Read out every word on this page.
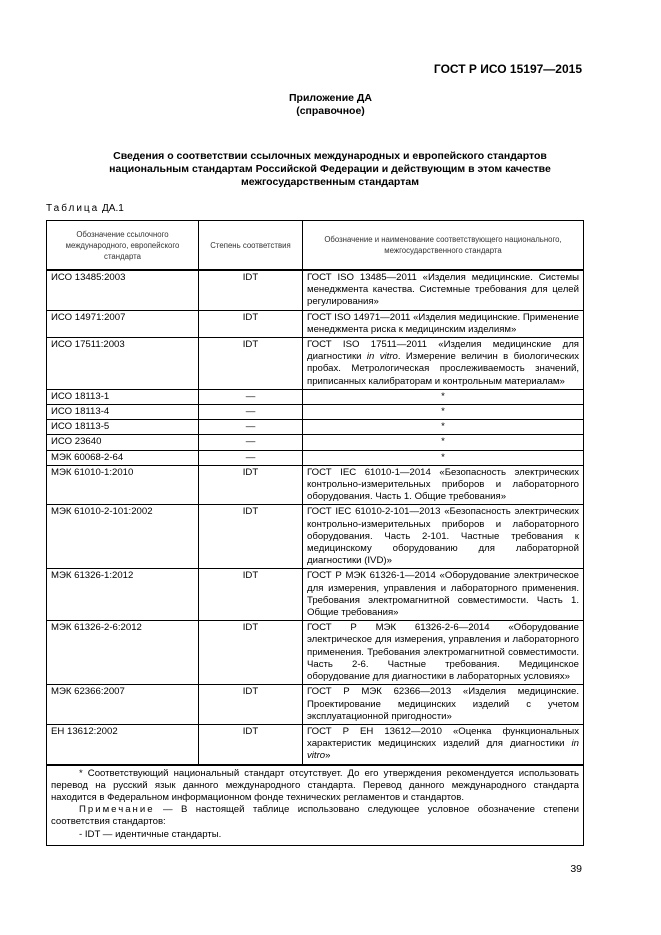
ГОСТ Р ИСО 15197—2015
Приложение ДА
(справочное)
Сведения о соответствии ссылочных международных и европейского стандартов национальным стандартам Российской Федерации и действующим в этом качестве межгосударственным стандартам
Таблица ДА.1
Обозначение ссылочного международного, европейского стандарта	Степень соответствия	Обозначение и наименование соответствующего национального, межгосударственного стандарта
ИСО 13485:2003	IDT	ГОСТ ISO 13485—2011 «Изделия медицинские. Системы менеджмента качества. Системные требования для целей регулирования»
ИСО 14971:2007	IDT	ГОСТ ISO 14971—2011 «Изделия медицинские. Применение менеджмента риска к медицинским изделиям»
ИСО 17511:2003	IDT	ГОСТ ISO 17511—2011 «Изделия медицинские для диагностики in vitro. Измерение величин в биологических пробах. Метрологическая прослеживаемость значений, приписанных калибраторам и контрольным материалам»
ИСО 18113-1	—	*
ИСО 18113-4	—	*
ИСО 18113-5	—	*
ИСО 23640	—	*
МЭК 60068-2-64	—	*
МЭК 61010-1:2010	IDT	ГОСТ IEC 61010-1—2014 «Безопасность электрических контрольно-измерительных приборов и лабораторного оборудования. Часть 1. Общие требования»
МЭК 61010-2-101:2002	IDT	ГОСТ IEC 61010-2-101—2013 «Безопасность электрических контрольно-измерительных приборов и лабораторного оборудования. Часть 2-101. Частные требования к медицинскому оборудованию для лабораторной диагностики (IVD)»
МЭК 61326-1:2012	IDT	ГОСТ Р МЭК 61326-1—2014 «Оборудование электрическое для измерения, управления и лабораторного применения. Требования электромагнитной совместимости. Часть 1. Общие требования»
МЭК 61326-2-6:2012	IDT	ГОСТ Р МЭК 61326-2-6—2014 «Оборудование электрическое для измерения, управления и лабораторного применения. Требования электромагнитной совместимости. Часть 2-6. Частные требования. Медицинское оборудование для диагностики в лабораторных условиях»
МЭК 62366:2007	IDT	ГОСТ Р МЭК 62366—2013 «Изделия медицинские. Проектирование медицинских изделий с учетом эксплуатационной пригодности»
ЕН 13612:2002	IDT	ГОСТ Р ЕН 13612—2010 «Оценка функциональных характеристик медицинских изделий для диагностики in vitro»

* Соответствующий национальный стандарт отсутствует. До его утверждения рекомендуется использовать перевод на русский язык данного международного стандарта. Перевод данного международного стандарта находится в Федеральном информационном фонде технических регламентов и стандартов.

Примечание — В настоящей таблице использовано следующее условное обозначение степени соответствия стандартов:

- IDT — идентичные стандарты.		

39
